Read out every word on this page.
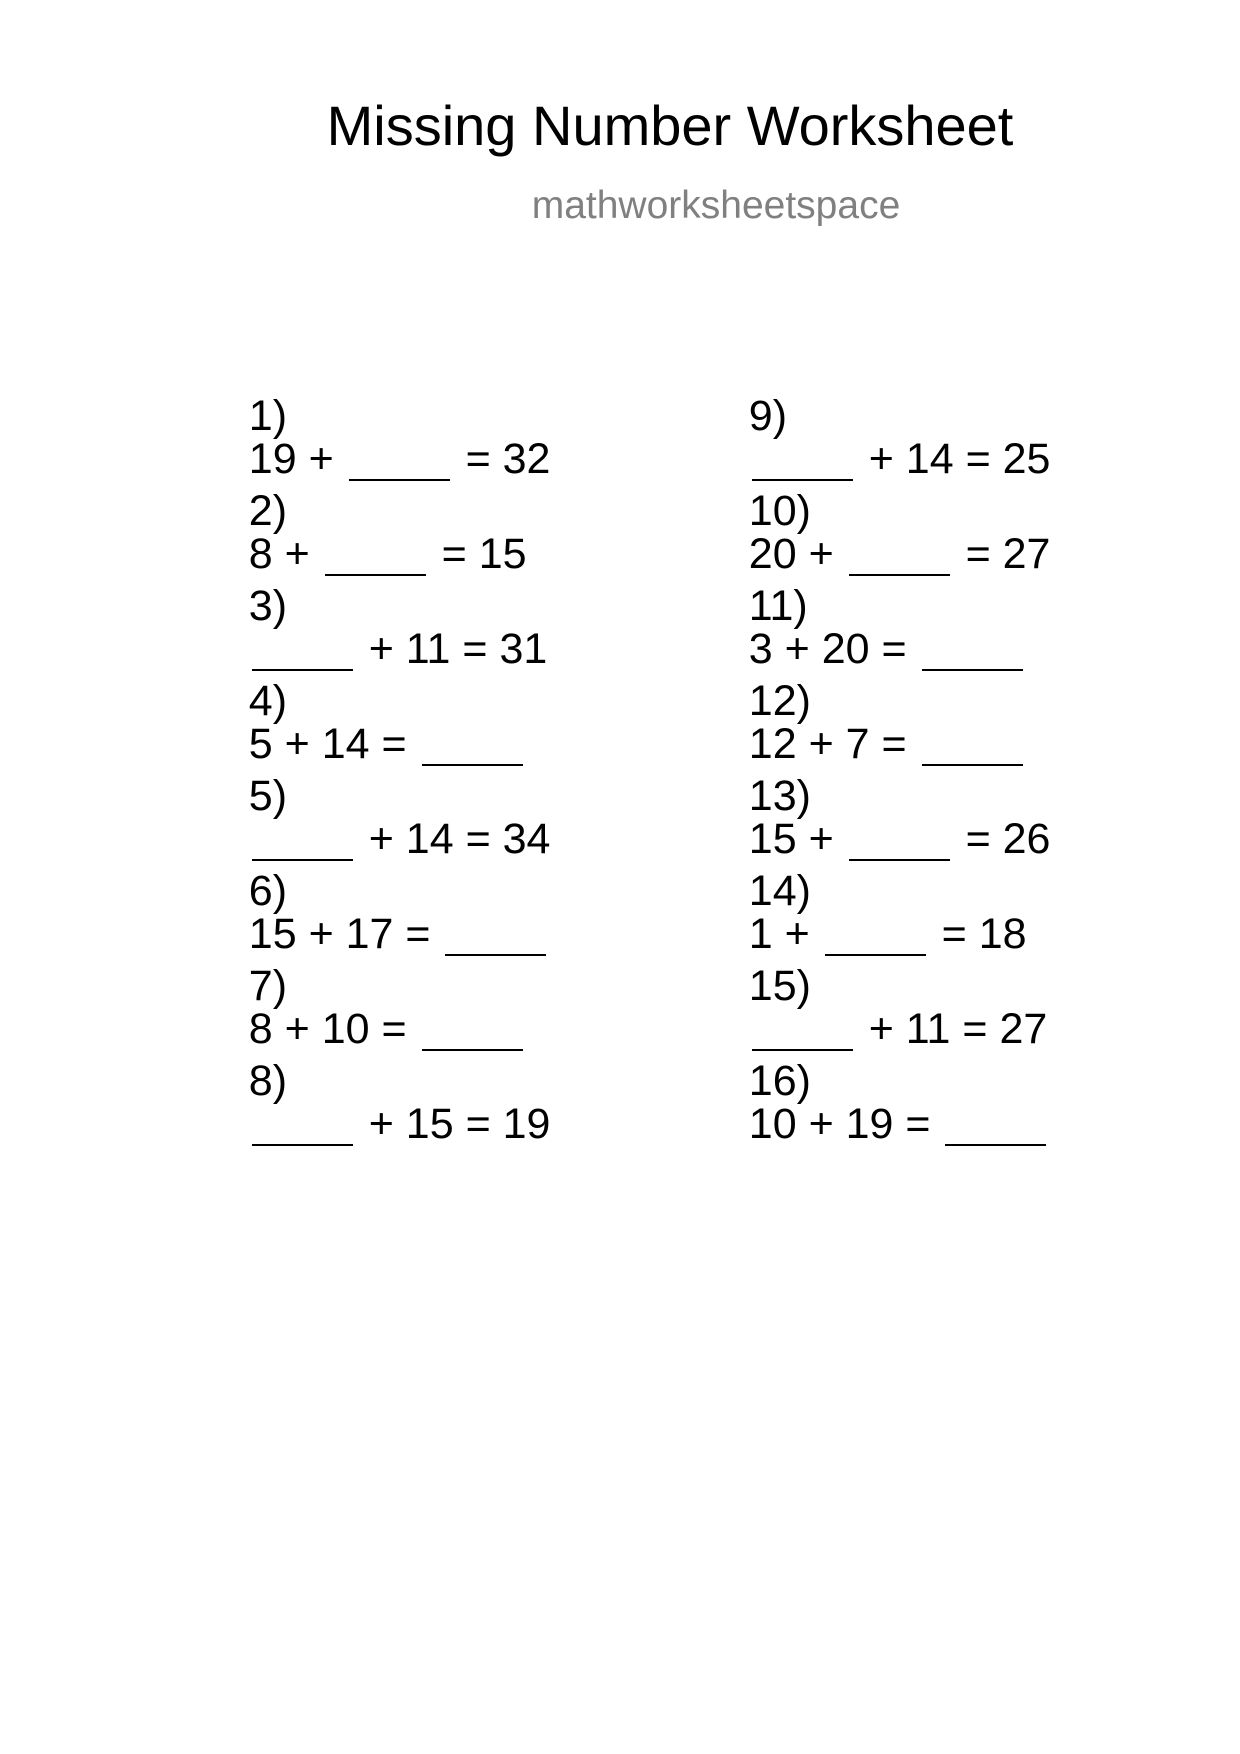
Missing Number Worksheet
mathworksheetspace

1)
19 +	= 32

2)
8 +	= 15

3)
+ 11 = 31

4)
5 + 14 =

5)
+ 14 = 34

6)
15 + 17 =

7)
8 + 10 =

8)
+ 15 = 19

9)
+ 14 = 25

10)
20 +	= 27

11)
3 + 20 =

12)
12 + 7 =

13)
15 +	= 26

14)
1 +	= 18

15)
+ 11 = 27

16)
10 + 19 =
